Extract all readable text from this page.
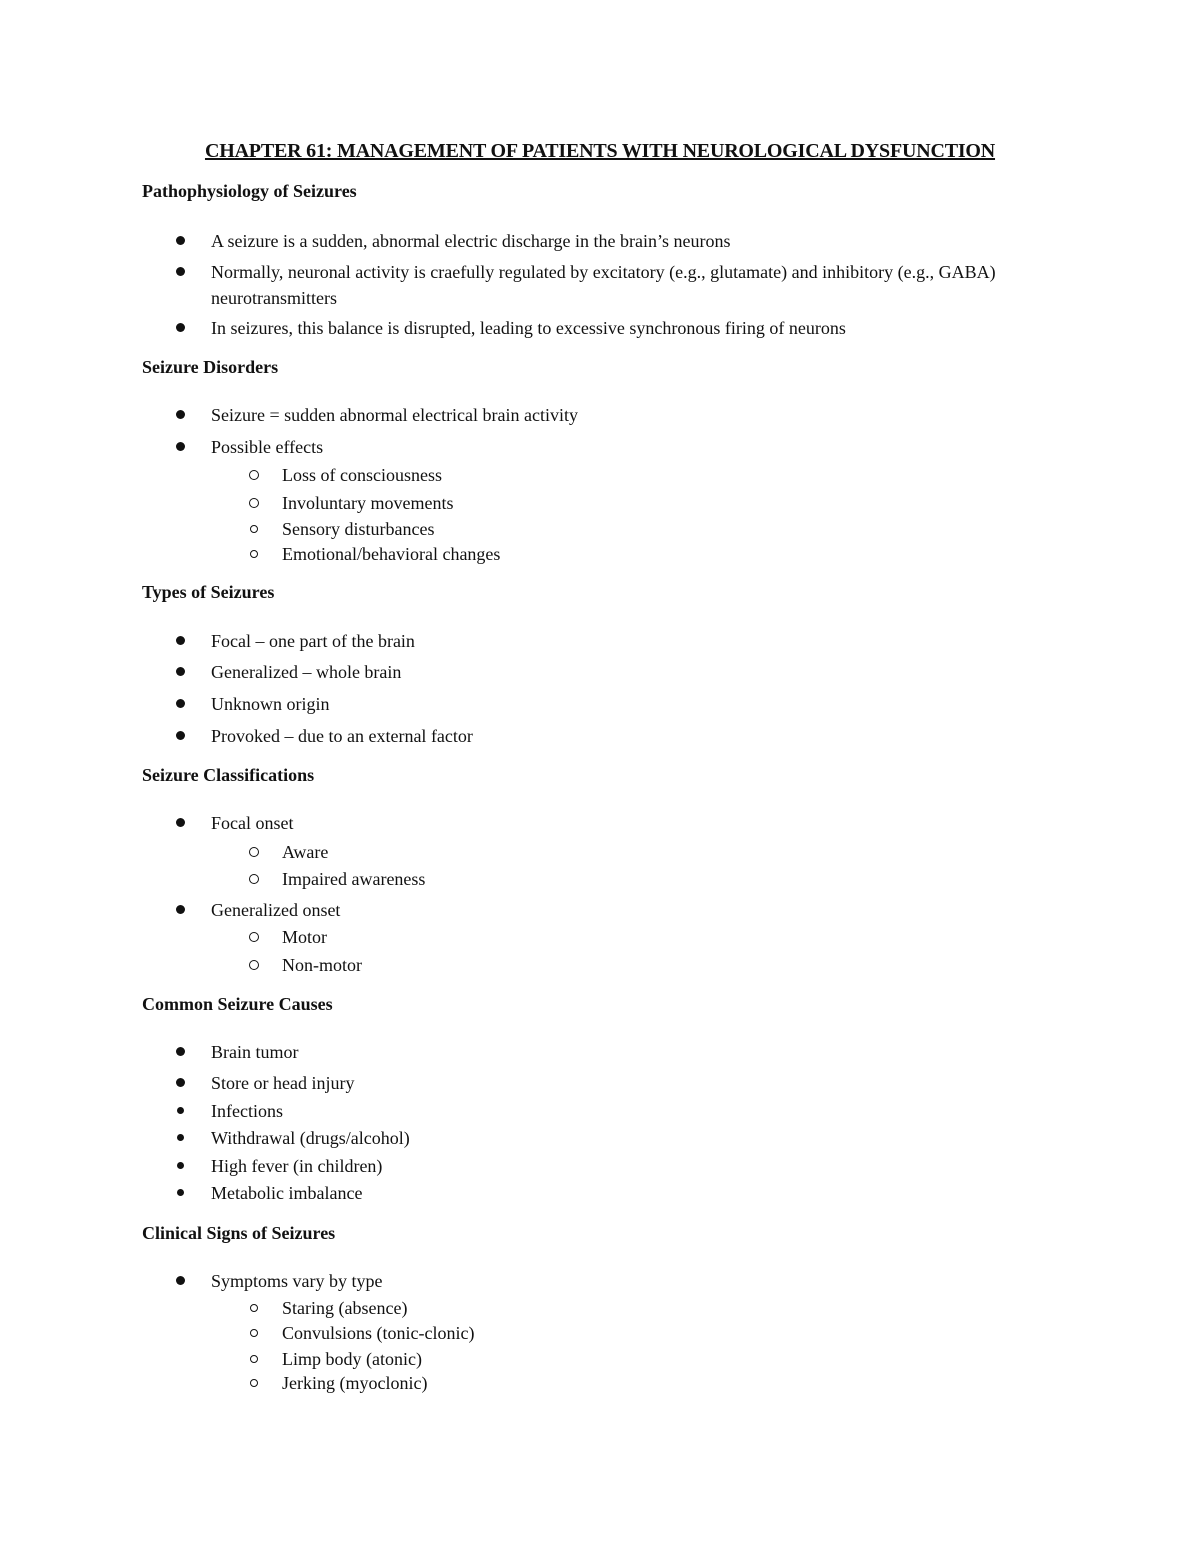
CHAPTER 61: MANAGEMENT OF PATIENTS WITH NEUROLOGICAL DYSFUNCTION
Pathophysiology of Seizures
A seizure is a sudden, abnormal electric discharge in the brain’s neurons
Normally, neuronal activity is craefully regulated by excitatory (e.g., glutamate) and inhibitory (e.g., GABA) neurotransmitters
In seizures, this balance is disrupted, leading to excessive synchronous firing of neurons
Seizure Disorders
Seizure = sudden abnormal electrical brain activity
Possible effects
Loss of consciousness
Involuntary movements
Sensory disturbances
Emotional/behavioral changes
Types of Seizures
Focal – one part of the brain
Generalized – whole brain
Unknown origin
Provoked – due to an external factor
Seizure Classifications
Focal onset
Aware
Impaired awareness
Generalized onset
Motor
Non-motor
Common Seizure Causes
Brain tumor
Store or head injury
Infections
Withdrawal (drugs/alcohol)
High fever (in children)
Metabolic imbalance
Clinical Signs of Seizures
Symptoms vary by type
Staring (absence)
Convulsions (tonic-clonic)
Limp body (atonic)
Jerking (myoclonic)
